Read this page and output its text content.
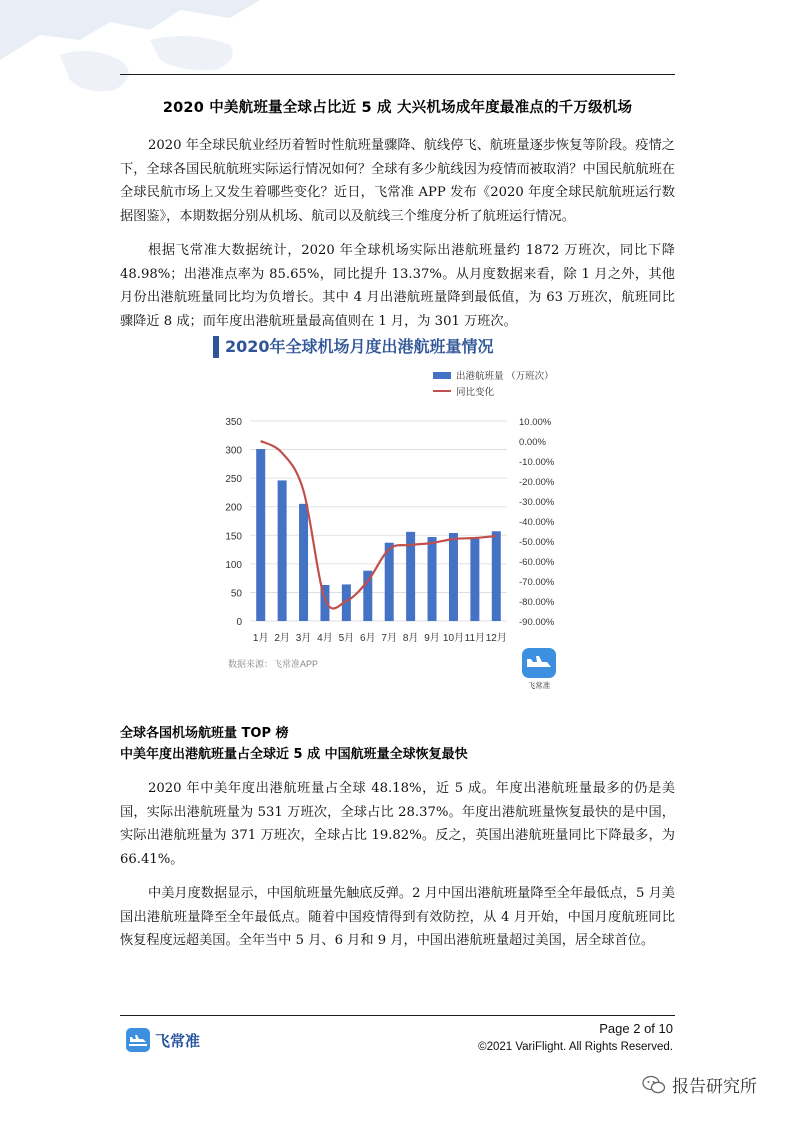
2020 中美航班量全球占比近 5 成 大兴机场成年度最准点的千万级机场

2020 年全球民航业经历着暂时性航班量骤降、航线停飞、航班量逐步恢复等阶段。疫情之下，全球各国民航航班实际运行情况如何？全球有多少航线因为疫情而被取消？中国民航航班在全球民航市场上又发生着哪些变化？近日，飞常准 APP 发布《2020 年度全球民航航班运行数据图鉴》，本期数据分别从机场、航司以及航线三个维度分析了航班运行情况。

根据飞常准大数据统计，2020 年全球机场实际出港航班量约 1872 万班次，同比下降 48.98%；出港准点率为 85.65%，同比提升 13.37%。从月度数据来看，除 1 月之外，其他月份出港航班量同比均为负增长。其中 4 月出港航班量降到最低值，为 63 万班次，航班同比骤降近 8 成；而年度出港航班量最高值则在 1 月，为 301 万班次。

2020年全球机场月度出港航班量情况
0
50
100
150
200
250
300
350
-90.00%
-80.00%
-70.00%
-60.00%
-50.00%
-40.00%
-30.00%
-20.00%
-10.00%
0.00%
10.00%
1月 2月 3月 4月 5月 6月 7月 8月 9月 10月 11月 12月
出港航班量 （万班次）
同比变化
数据来源：飞常准APP
飞常准
全球各国机场航班量 TOP 榜
中美年度出港航班量占全球近 5 成 中国航班量全球恢复最快

2020 年中美年度出港航班量占全球 48.18%，近 5 成。年度出港航班量最多的仍是美国，实际出港航班量为 531 万班次，全球占比 28.37%。年度出港航班量恢复最快的是中国，实际出港航班量为 371 万班次，全球占比 19.82%。反之，英国出港航班量同比下降最多，为 66.41%。

中美月度数据显示，中国航班量先触底反弹。2 月中国出港航班量降至全年最低点，5 月美国出港航班量降至全年最低点。随着中国疫情得到有效防控，从 4 月开始，中国月度航班同比恢复程度远超美国。全年当中 5 月、6 月和 9 月，中国出港航班量超过美国，居全球首位。

飞常准
Page 2 of 10
©2021 VariFlight. All Rights Reserved.
报告研究所
